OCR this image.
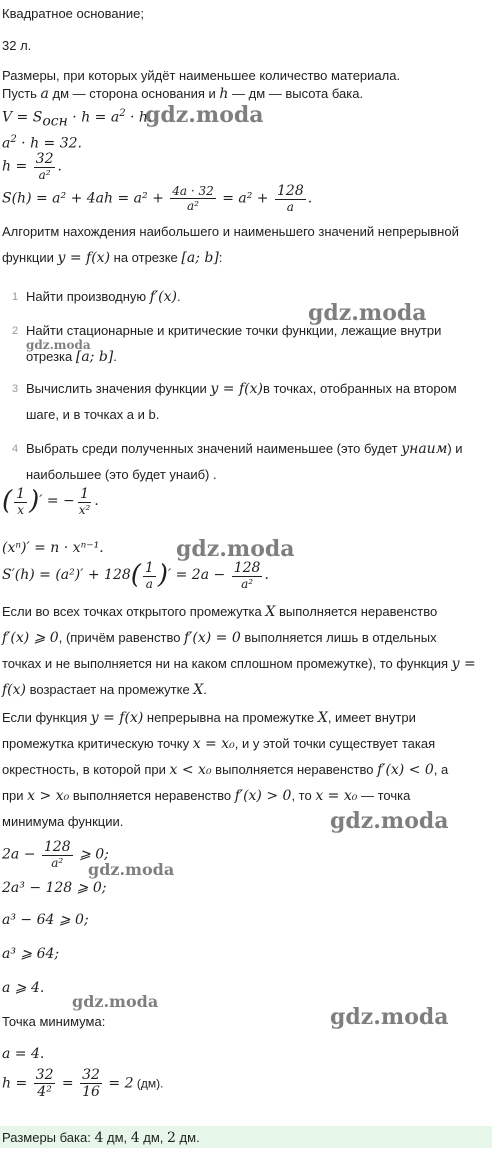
Квадратное основание;
32 л.
Размеры, при которых уйдёт наименьшее количество материала.
Пусть a дм — сторона основания и h — дм — высота бака.
$V = S_{осн} \cdot h = a^2 \cdot h$.
$a^2 \cdot h = 32$.
$h = \frac{32}{\text{a²}}$ .
$S(h) = a^2 + 4ah = a^2 + \frac{4a \cdot 32}{\text{a²}} = a^2 + \frac{128}{a}$ .
Алгоритм нахождения наибольшего и наименьшего значений непрерывной
функции y = f(x) на отрезке [a; b]:
1 Найти производную f′(x).
2 Найти стационарные и критические точки функции, лежащие внутри отрезка [a; b].
3 Вычислить значения функции y = f(x)в точках, отобранных на втором шаге, и в точках a и b.
4 Выбрать среди полученных значений наименьшее (это будет yнаим) и наибольшее (это будет yнаиб) .
( $\frac{1}{x}$ )′ = − $\frac{1}{\text{x²}}$ .
(xⁿ)′ = n · xⁿ⁻¹.
$S'(h) = (a^2)' + 128( \frac{1}{a}$ )′ = $2a - \frac{128}{\text{a²}}$ .
Если во всех точках открытого промежутка X выполняется неравенство
f′(x) ⩾ 0, (причём равенство f′(x) = 0 выполняется лишь в отдельных
точках и не выполняется ни на каком сплошном промежутке), то функция y =
f(x) возрастает на промежутке X.
Если функция y = f(x) непрерывна на промежутке X, имеет внутри
промежутка критическую точку x = x₀, и у этой точки существует такая
окрестность, в которой при x < x₀ выполняется неравенство f′(x) < 0, а
при x > x₀ выполняется неравенство f′(x) > 0, то x = x₀ — точка
минимума функции.
$2a - \frac{128}{\text{a²}}$ ⩾ 0;
2a³ − 128 ⩾ 0;
a³ − 64 ⩾ 0;
a³ ⩾ 64;
a ⩾ 4.
Точка минимума:
a = 4.
$h = \frac{32}{\text{4²}} = \frac{32}{16} = 2$ (дм).
Размеры бака: 4 дм, 4 дм, 2 дм.
gdz.moda
gdz.moda
gdz.moda
gdz.moda
gdz.moda
gdz.moda
gdz.moda
gdz.moda
